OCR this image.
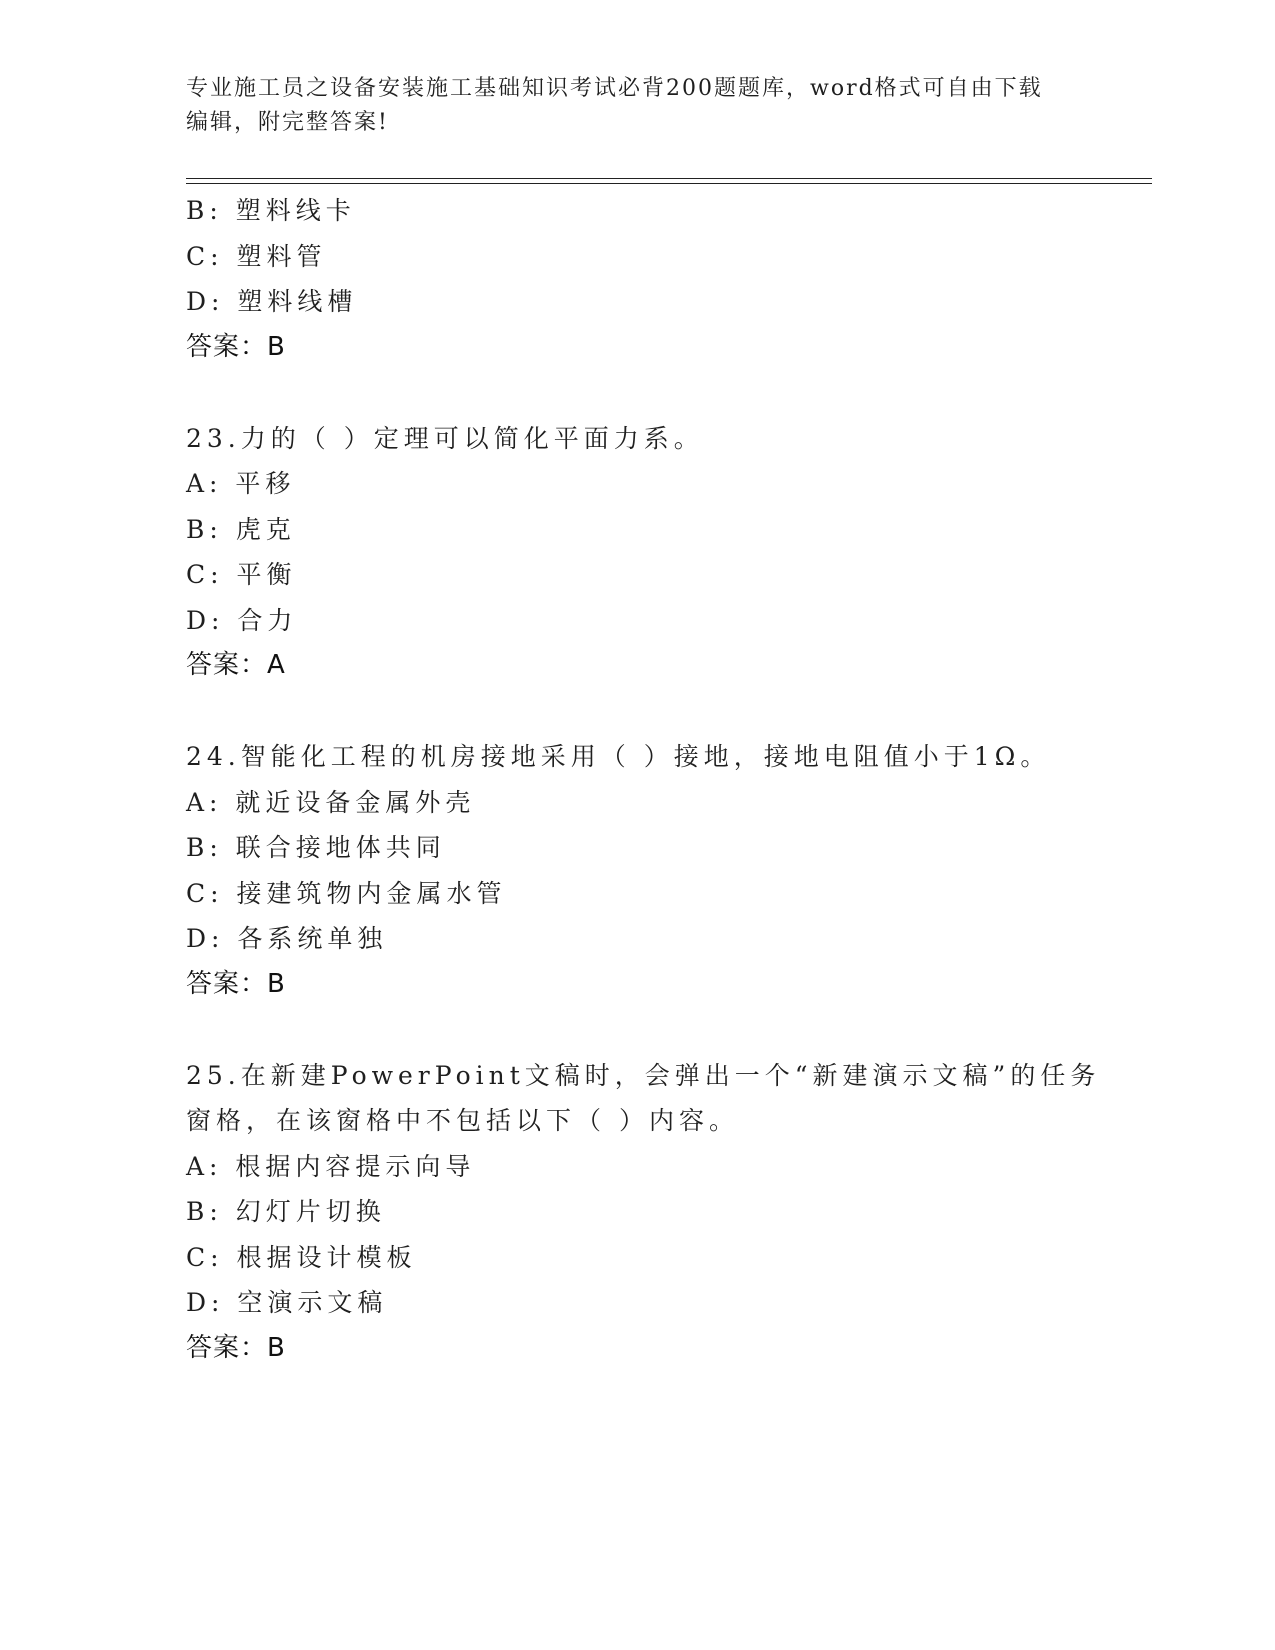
专业施工员之设备安装施工基础知识考试必背200题题库，word格式可自由下载
编辑，附完整答案!
B: 塑料线卡
C: 塑料管
D: 塑料线槽
答案：B
23.力的（ ）定理可以简化平面力系。
A: 平移
B: 虎克
C: 平衡
D: 合力
答案：A
24.智能化工程的机房接地采用（ ）接地，接地电阻值小于1Ω。
A: 就近设备金属外壳
B: 联合接地体共同
C: 接建筑物内金属水管
D: 各系统单独
答案：B
25.在新建PowerPoint文稿时，会弹出一个“新建演示文稿”的任务
窗格，在该窗格中不包括以下（ ）内容。
A: 根据内容提示向导
B: 幻灯片切换
C: 根据设计模板
D: 空演示文稿
答案：B
